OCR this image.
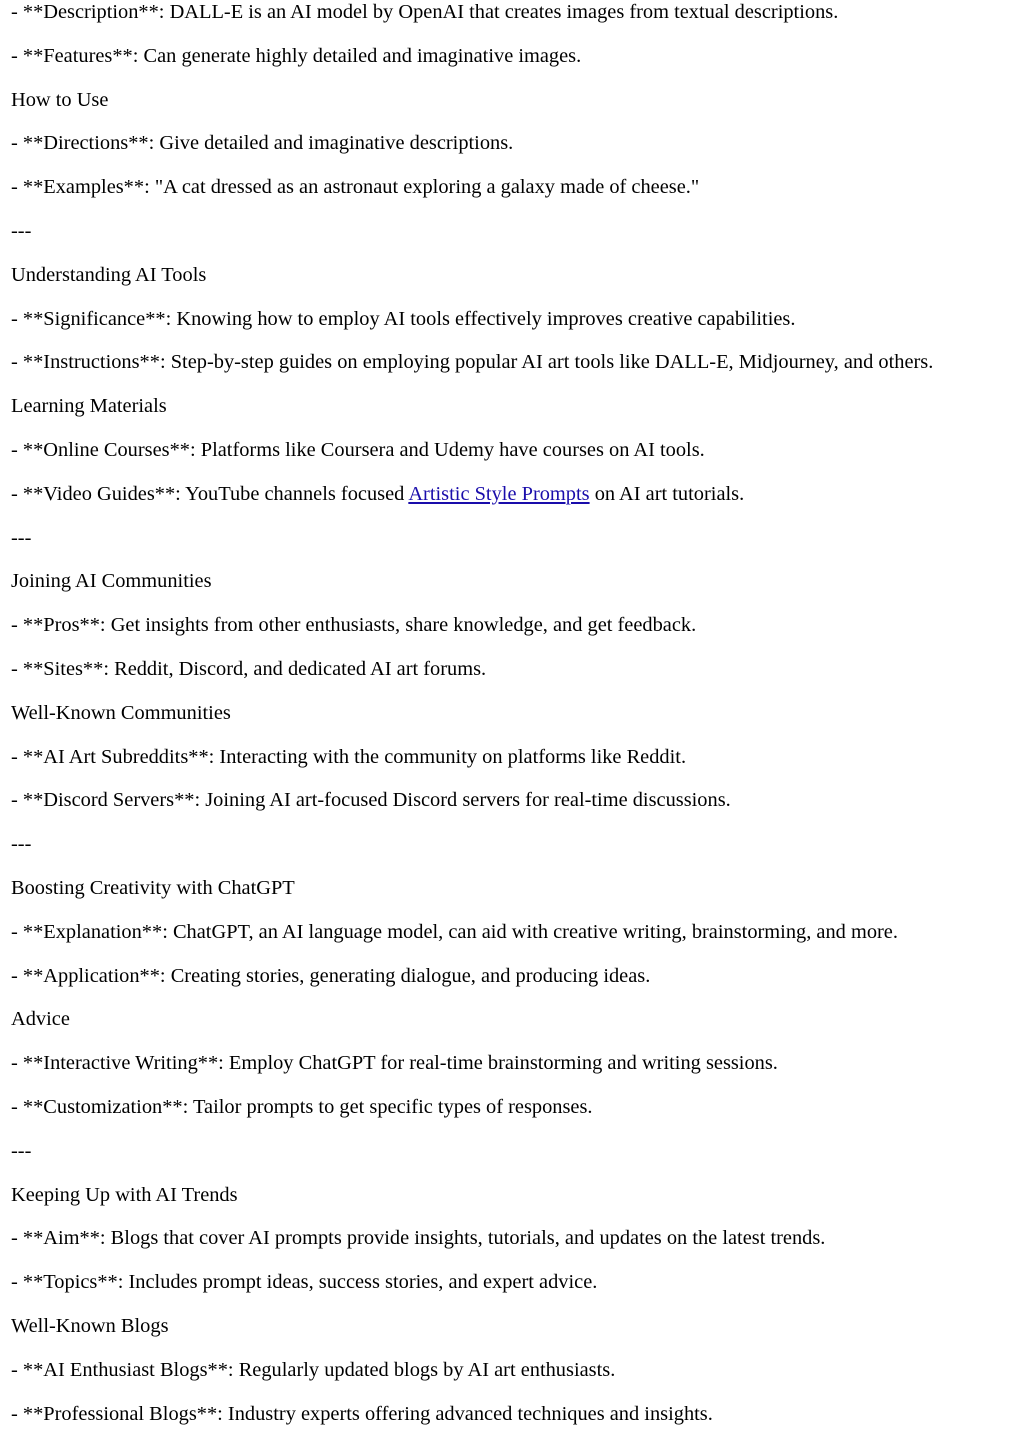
- **Description**: DALL-E is an AI model by OpenAI that creates images from textual descriptions.
- **Features**: Can generate highly detailed and imaginative images.
How to Use
- **Directions**: Give detailed and imaginative descriptions.
- **Examples**: "A cat dressed as an astronaut exploring a galaxy made of cheese."
---
Understanding AI Tools
- **Significance**: Knowing how to employ AI tools effectively improves creative capabilities.
- **Instructions**: Step-by-step guides on employing popular AI art tools like DALL-E, Midjourney, and others.
Learning Materials
- **Online Courses**: Platforms like Coursera and Udemy have courses on AI tools.
- **Video Guides**: YouTube channels focused Artistic Style Prompts on AI art tutorials.
---
Joining AI Communities
- **Pros**: Get insights from other enthusiasts, share knowledge, and get feedback.
- **Sites**: Reddit, Discord, and dedicated AI art forums.
Well-Known Communities
- **AI Art Subreddits**: Interacting with the community on platforms like Reddit.
- **Discord Servers**: Joining AI art-focused Discord servers for real-time discussions.
---
Boosting Creativity with ChatGPT
- **Explanation**: ChatGPT, an AI language model, can aid with creative writing, brainstorming, and more.
- **Application**: Creating stories, generating dialogue, and producing ideas.
Advice
- **Interactive Writing**: Employ ChatGPT for real-time brainstorming and writing sessions.
- **Customization**: Tailor prompts to get specific types of responses.
---
Keeping Up with AI Trends
- **Aim**: Blogs that cover AI prompts provide insights, tutorials, and updates on the latest trends.
- **Topics**: Includes prompt ideas, success stories, and expert advice.
Well-Known Blogs
- **AI Enthusiast Blogs**: Regularly updated blogs by AI art enthusiasts.
- **Professional Blogs**: Industry experts offering advanced techniques and insights.
